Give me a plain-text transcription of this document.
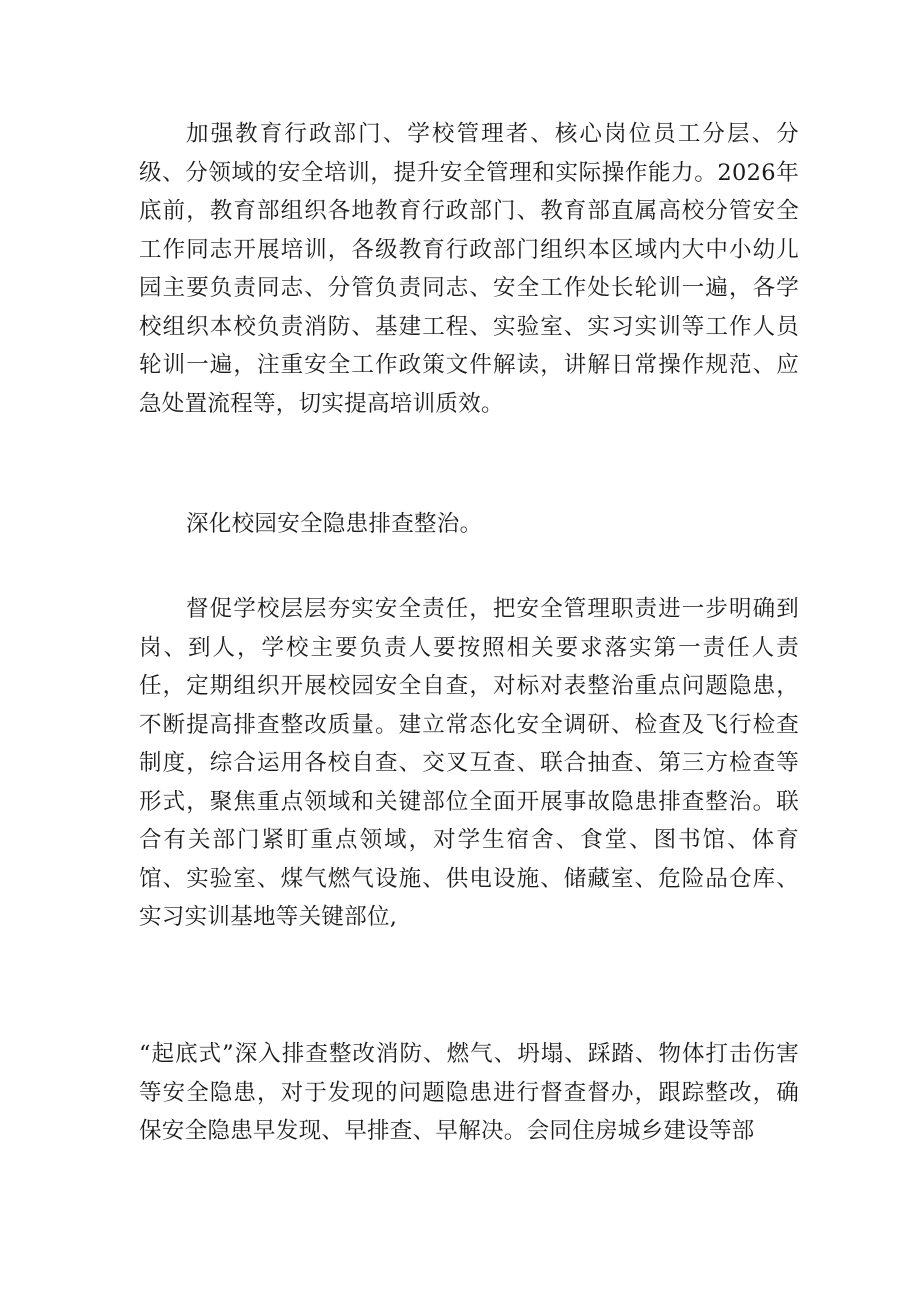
加强教育行政部门、学校管理者、核心岗位员工分层、分级、分领域的安全培训，提升安全管理和实际操作能力。2026年底前，教育部组织各地教育行政部门、教育部直属高校分管安全工作同志开展培训，各级教育行政部门组织本区域内大中小幼儿园主要负责同志、分管负责同志、安全工作处长轮训一遍，各学校组织本校负责消防、基建工程、实验室、实习实训等工作人员轮训一遍，注重安全工作政策文件解读，讲解日常操作规范、应急处置流程等，切实提高培训质效。

深化校园安全隐患排查整治。

督促学校层层夯实安全责任，把安全管理职责进一步明确到岗、到人，学校主要负责人要按照相关要求落实第一责任人责任，定期组织开展校园安全自查，对标对表整治重点问题隐患，不断提高排查整改质量。建立常态化安全调研、检查及飞行检查制度，综合运用各校自查、交叉互查、联合抽查、第三方检查等形式，聚焦重点领域和关键部位全面开展事故隐患排查整治。联合有关部门紧盯重点领域，对学生宿舍、食堂、图书馆、体育馆、实验室、煤气燃气设施、供电设施、储藏室、危险品仓库、实习实训基地等关键部位,

“起底式”深入排查整改消防、燃气、坍塌、踩踏、物体打击伤害等安全隐患，对于发现的问题隐患进行督查督办，跟踪整改，确保安全隐患早发现、早排查、早解决。会同住房城乡建设等部
